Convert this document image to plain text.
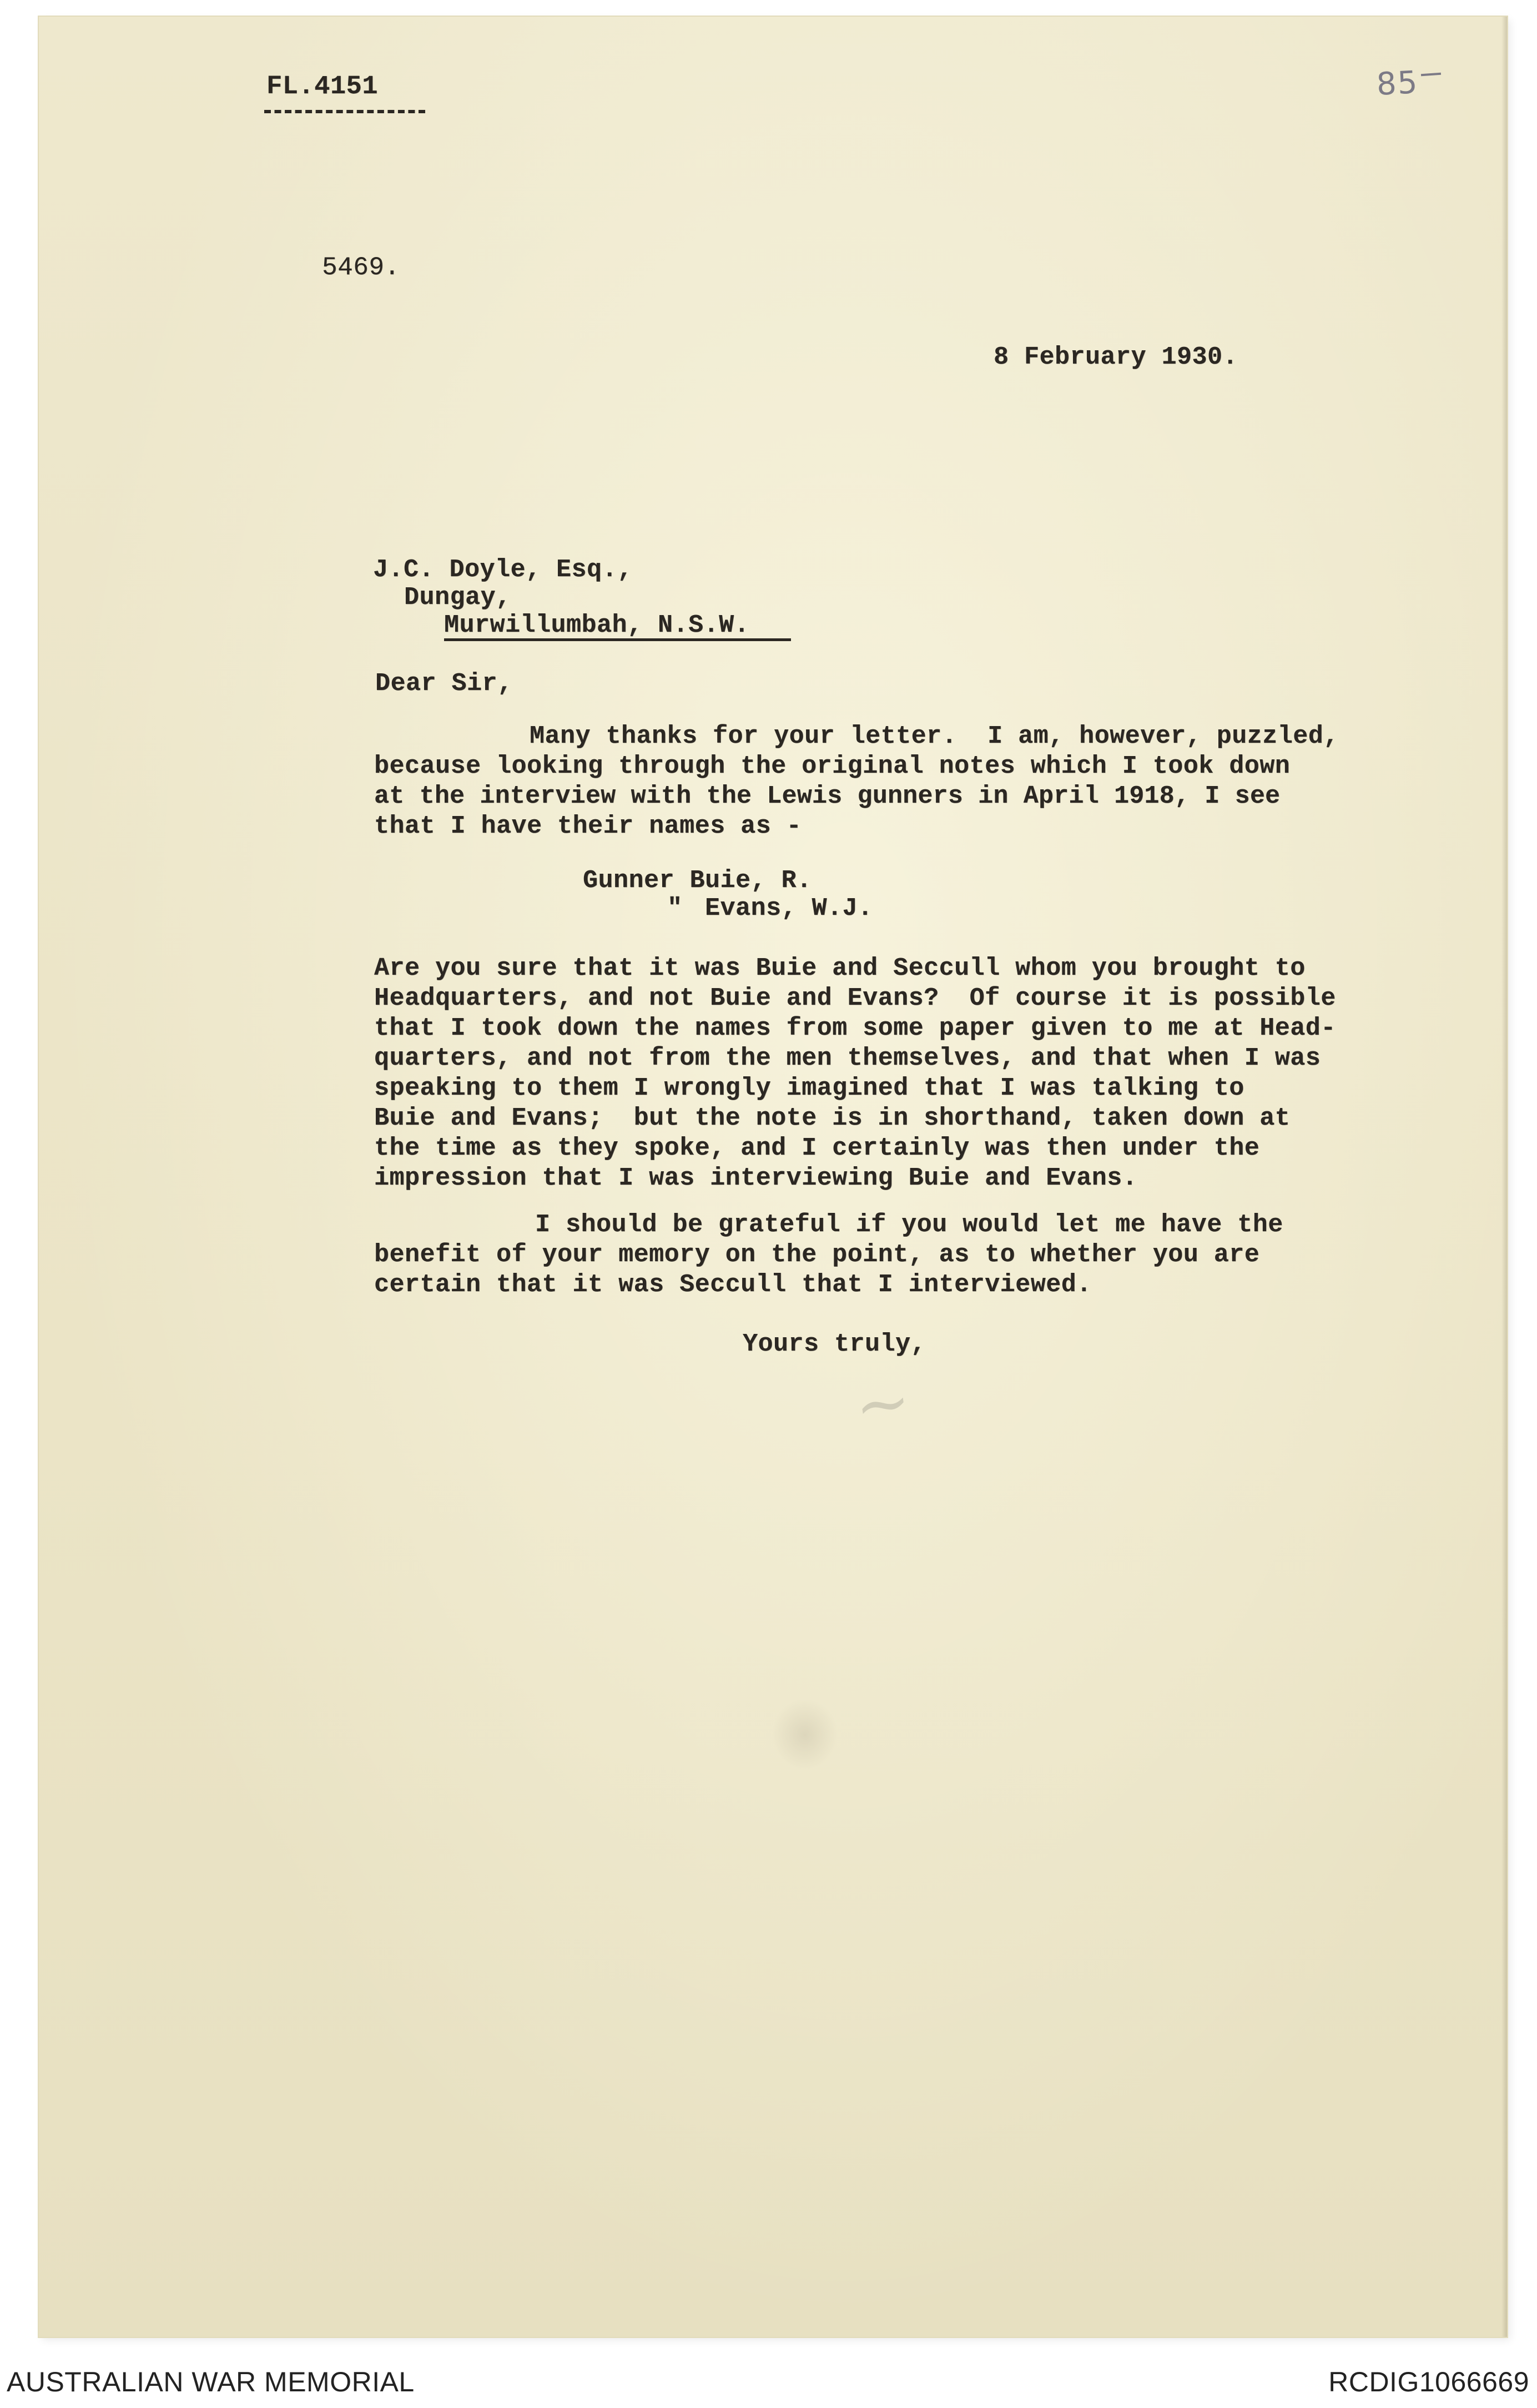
FL.4151	85
5469.
8 February 1930.
J.C. Doyle, Esq.,
Dungay,
Murwillumbah, N.S.W.
Dear Sir,
Many thanks for your letter.  I am, however, puzzled,
because looking through the original notes which I took down
at the interview with the Lewis gunners in April 1918, I see
that I have their names as -
Gunner Buie, R.
" Evans, W.J.
Are you sure that it was Buie and Seccull whom you brought to
Headquarters, and not Buie and Evans?  Of course it is possible
that I took down the names from some paper given to me at Head-
quarters, and not from the men themselves, and that when I was
speaking to them I wrongly imagined that I was talking to
Buie and Evans;  but the note is in shorthand, taken down at
the time as they spoke, and I certainly was then under the
impression that I was interviewing Buie and Evans.
I should be grateful if you would let me have the
benefit of your memory on the point, as to whether you are
certain that it was Seccull that I interviewed.
Yours truly,
~
AUSTRALIAN WAR MEMORIAL	RCDIG1066669
